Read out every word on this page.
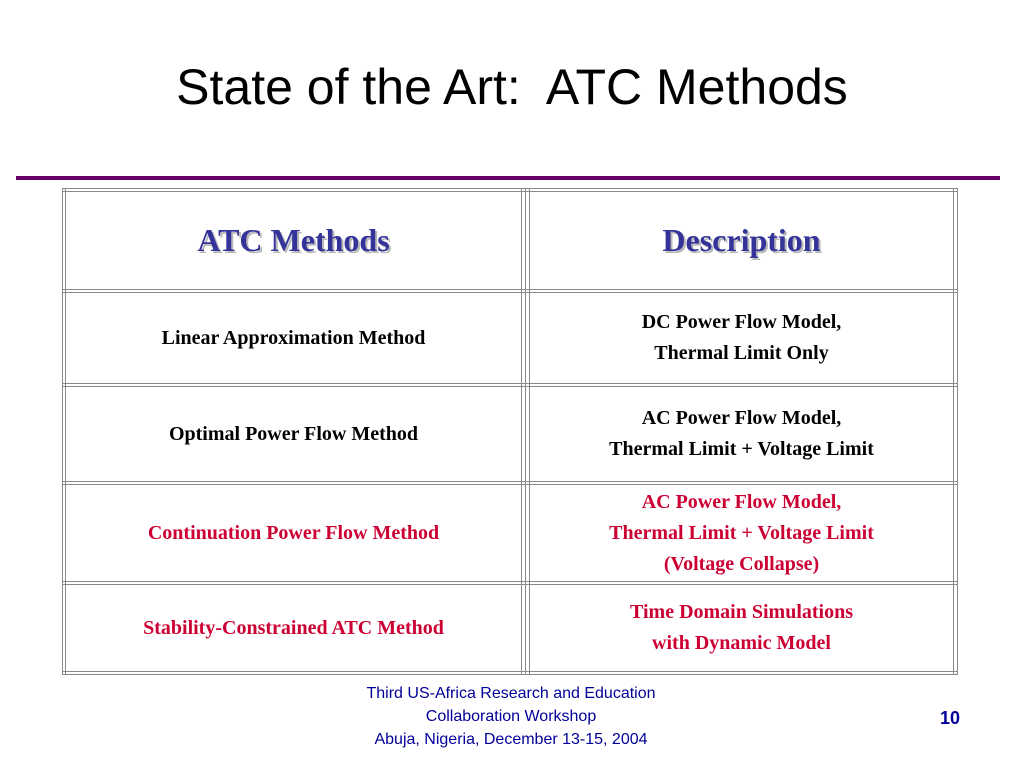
State of the Art:  ATC Methods
ATC Methods	Description
Linear Approximation Method
DC Power Flow Model,
Thermal Limit Only
Optimal Power Flow Method
AC Power Flow Model,
Thermal Limit + Voltage Limit
Continuation Power Flow Method
AC Power Flow Model,
Thermal Limit + Voltage Limit
(Voltage Collapse)
Stability-Constrained ATC Method
Time Domain Simulations
with Dynamic Model
Third US-Africa Research and Education
Collaboration Workshop
Abuja, Nigeria, December 13-15, 2004
10
